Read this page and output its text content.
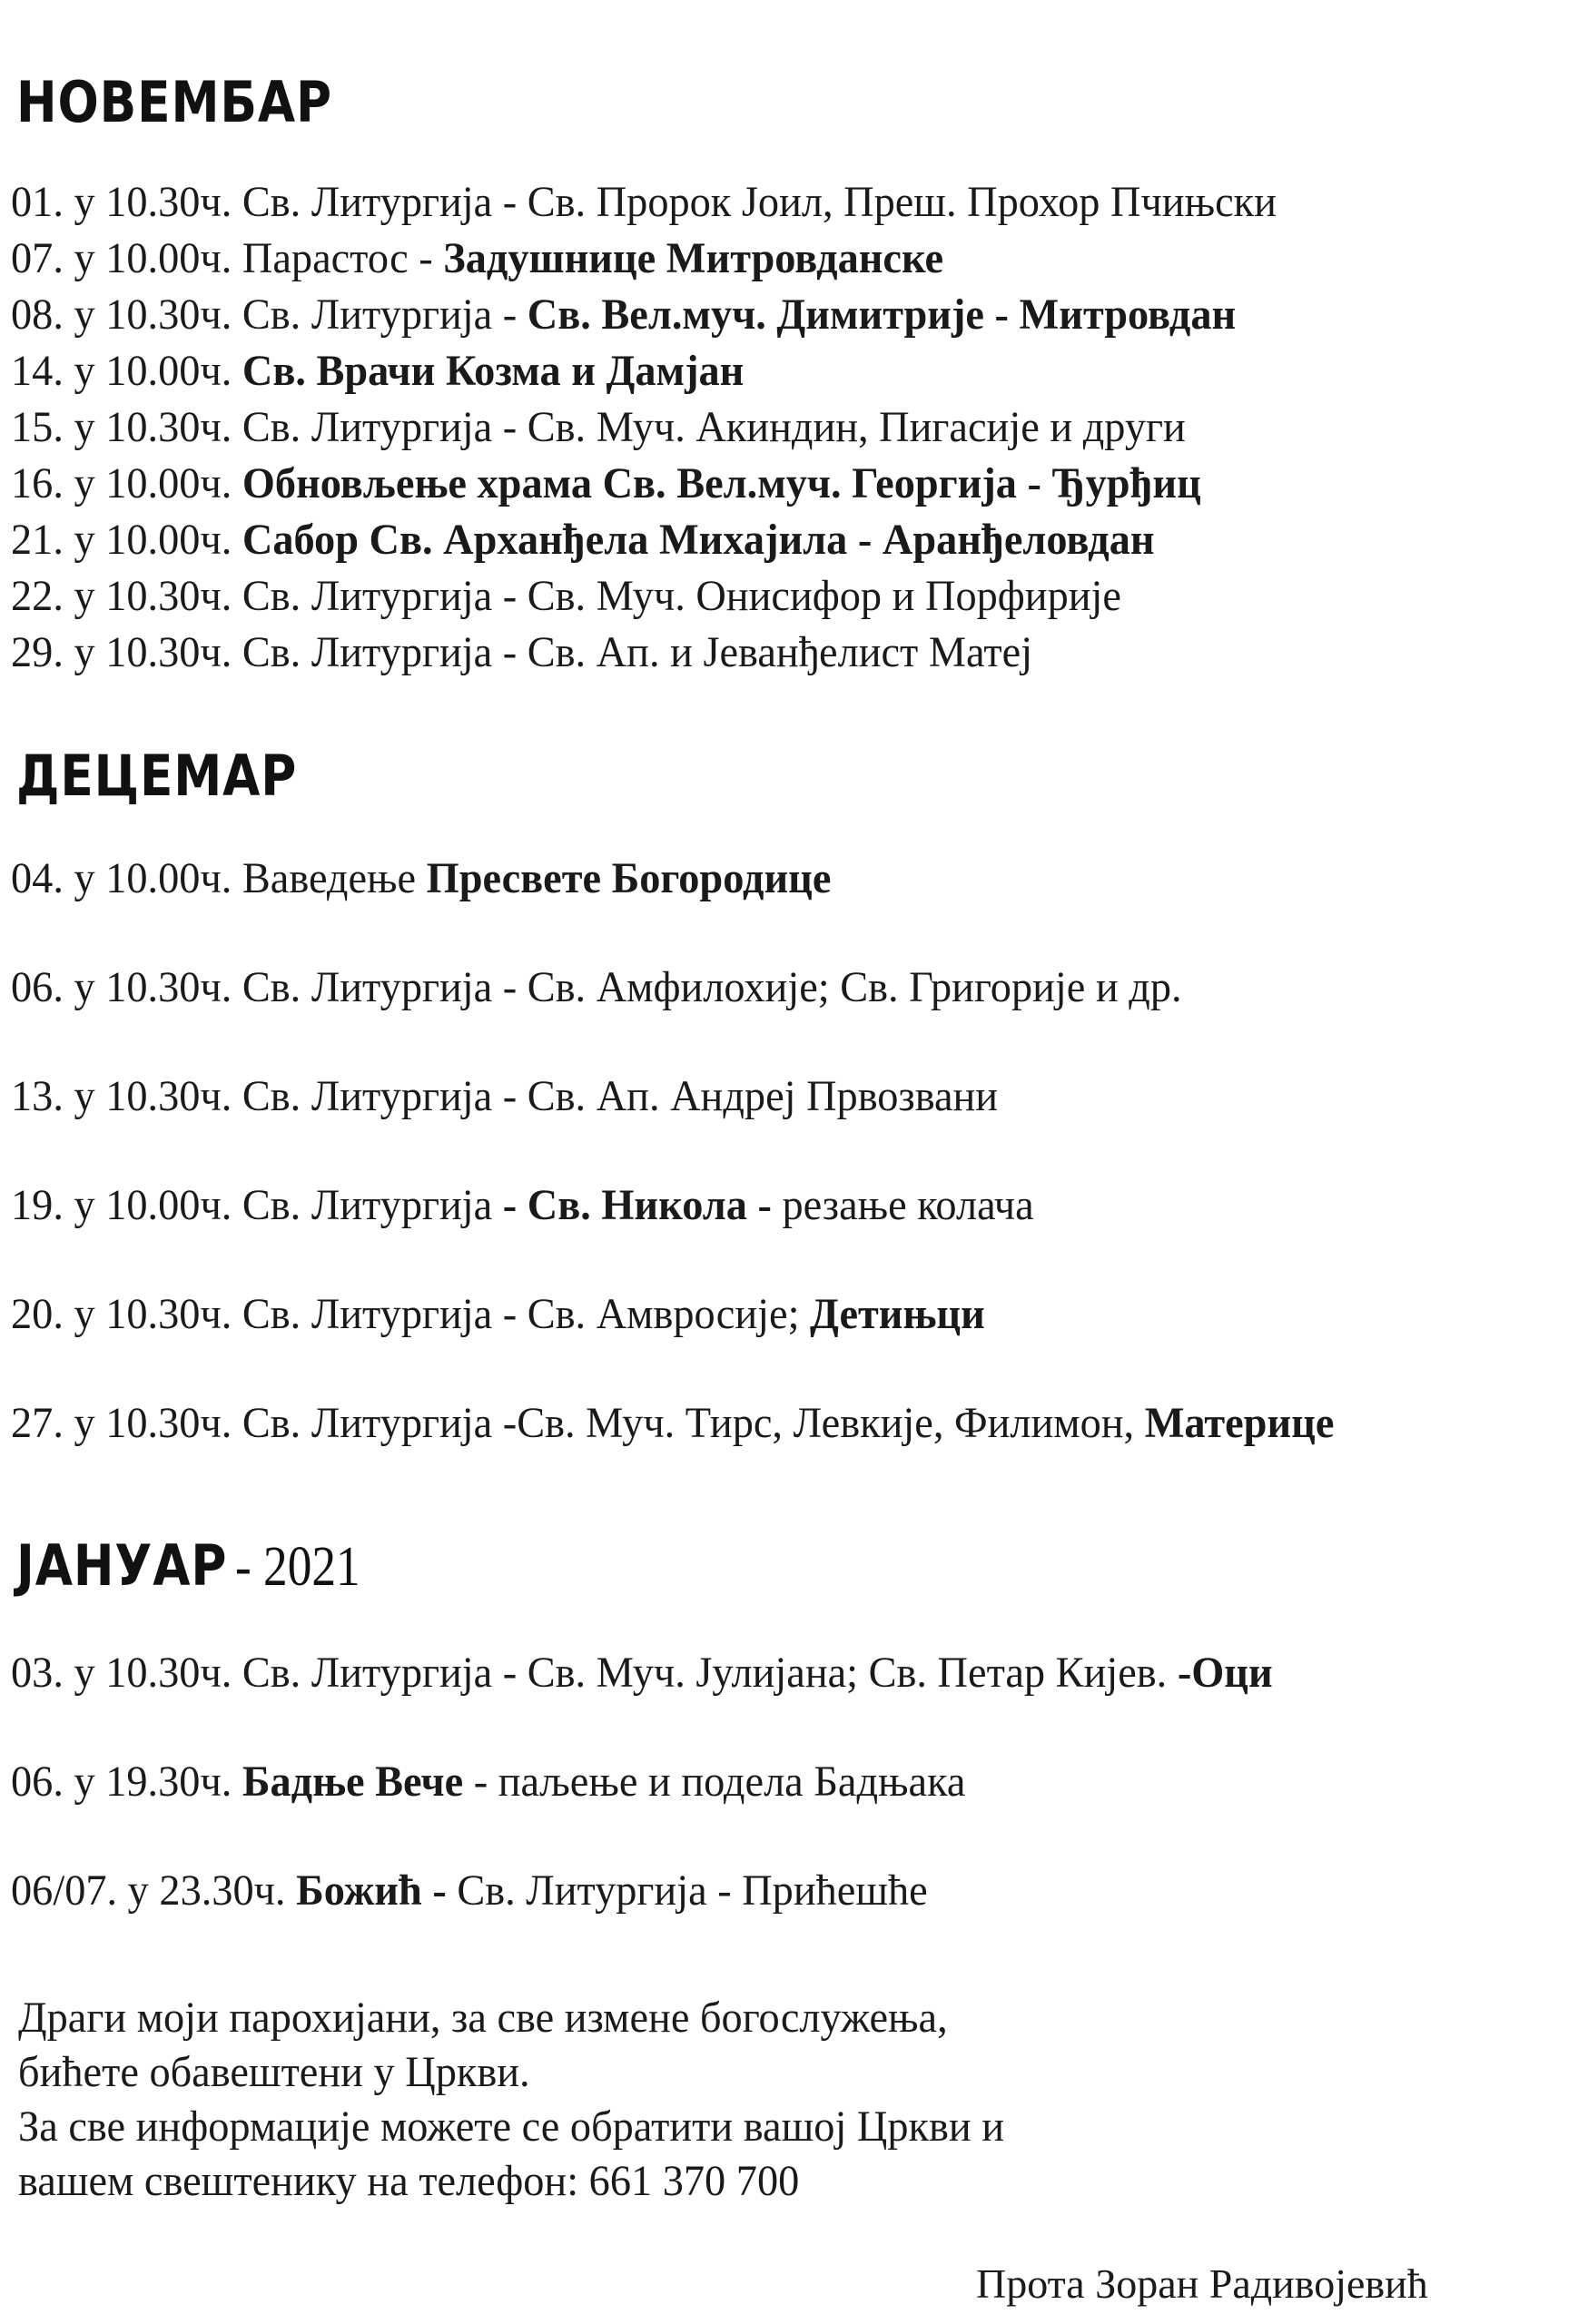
НОВЕМБАР
01. у 10.30ч. Св. Литургија - Св. Пророк Јоил, Преш. Прохор Пчињски
07. у 10.00ч. Парастос - Задушнице Митровданске
08. у 10.30ч. Св. Литургија - Св. Вел.муч. Димитрије - Митровдан
14. у 10.00ч. Св. Врачи Козма и Дамјан
15. у 10.30ч. Св. Литургија - Св. Муч. Акиндин, Пигасије и други
16. у 10.00ч. Обновљење храма Св. Вел.муч. Георгија - Ђурђиц
21. у 10.00ч. Сабор Св. Арханђела Михајила - Аранђеловдан
22. у 10.30ч. Св. Литургија - Св. Муч. Онисифор и Порфирије
29. у 10.30ч. Св. Литургија - Св. Ап. и Јеванђелист Матеј
ДЕЦЕМАР
04. у 10.00ч. Ваведење Пресвете Богородице
06. у 10.30ч. Св. Литургија - Св. Амфилохије; Св. Григорије и др.
13. у 10.30ч. Св. Литургија - Св. Ап. Андреј Првозвани
19. у 10.00ч. Св. Литургија - Св. Никола - резање колача
20. у 10.30ч. Св. Литургија - Св. Амвросије; Детињци
27. у 10.30ч. Св. Литургија -Св. Муч. Тирс, Левкије, Филимон, Материце
ЈАНУАР - 2021
03. у 10.30ч. Св. Литургија - Св. Муч. Јулијана; Св. Петар Кијев. -Оци
06. у 19.30ч. Бадње Вече - паљење и подела Бадњака
06/07. у 23.30ч. Божић - Св. Литургија - Прићешће

Драги моји парохијани, за све измене богослужења,
бићете обавештени у Цркви.
За све информације можете се обратити вашој Цркви и
вашем свештенику на телефон: 661 370 700

Прота Зоран Радивојевић
